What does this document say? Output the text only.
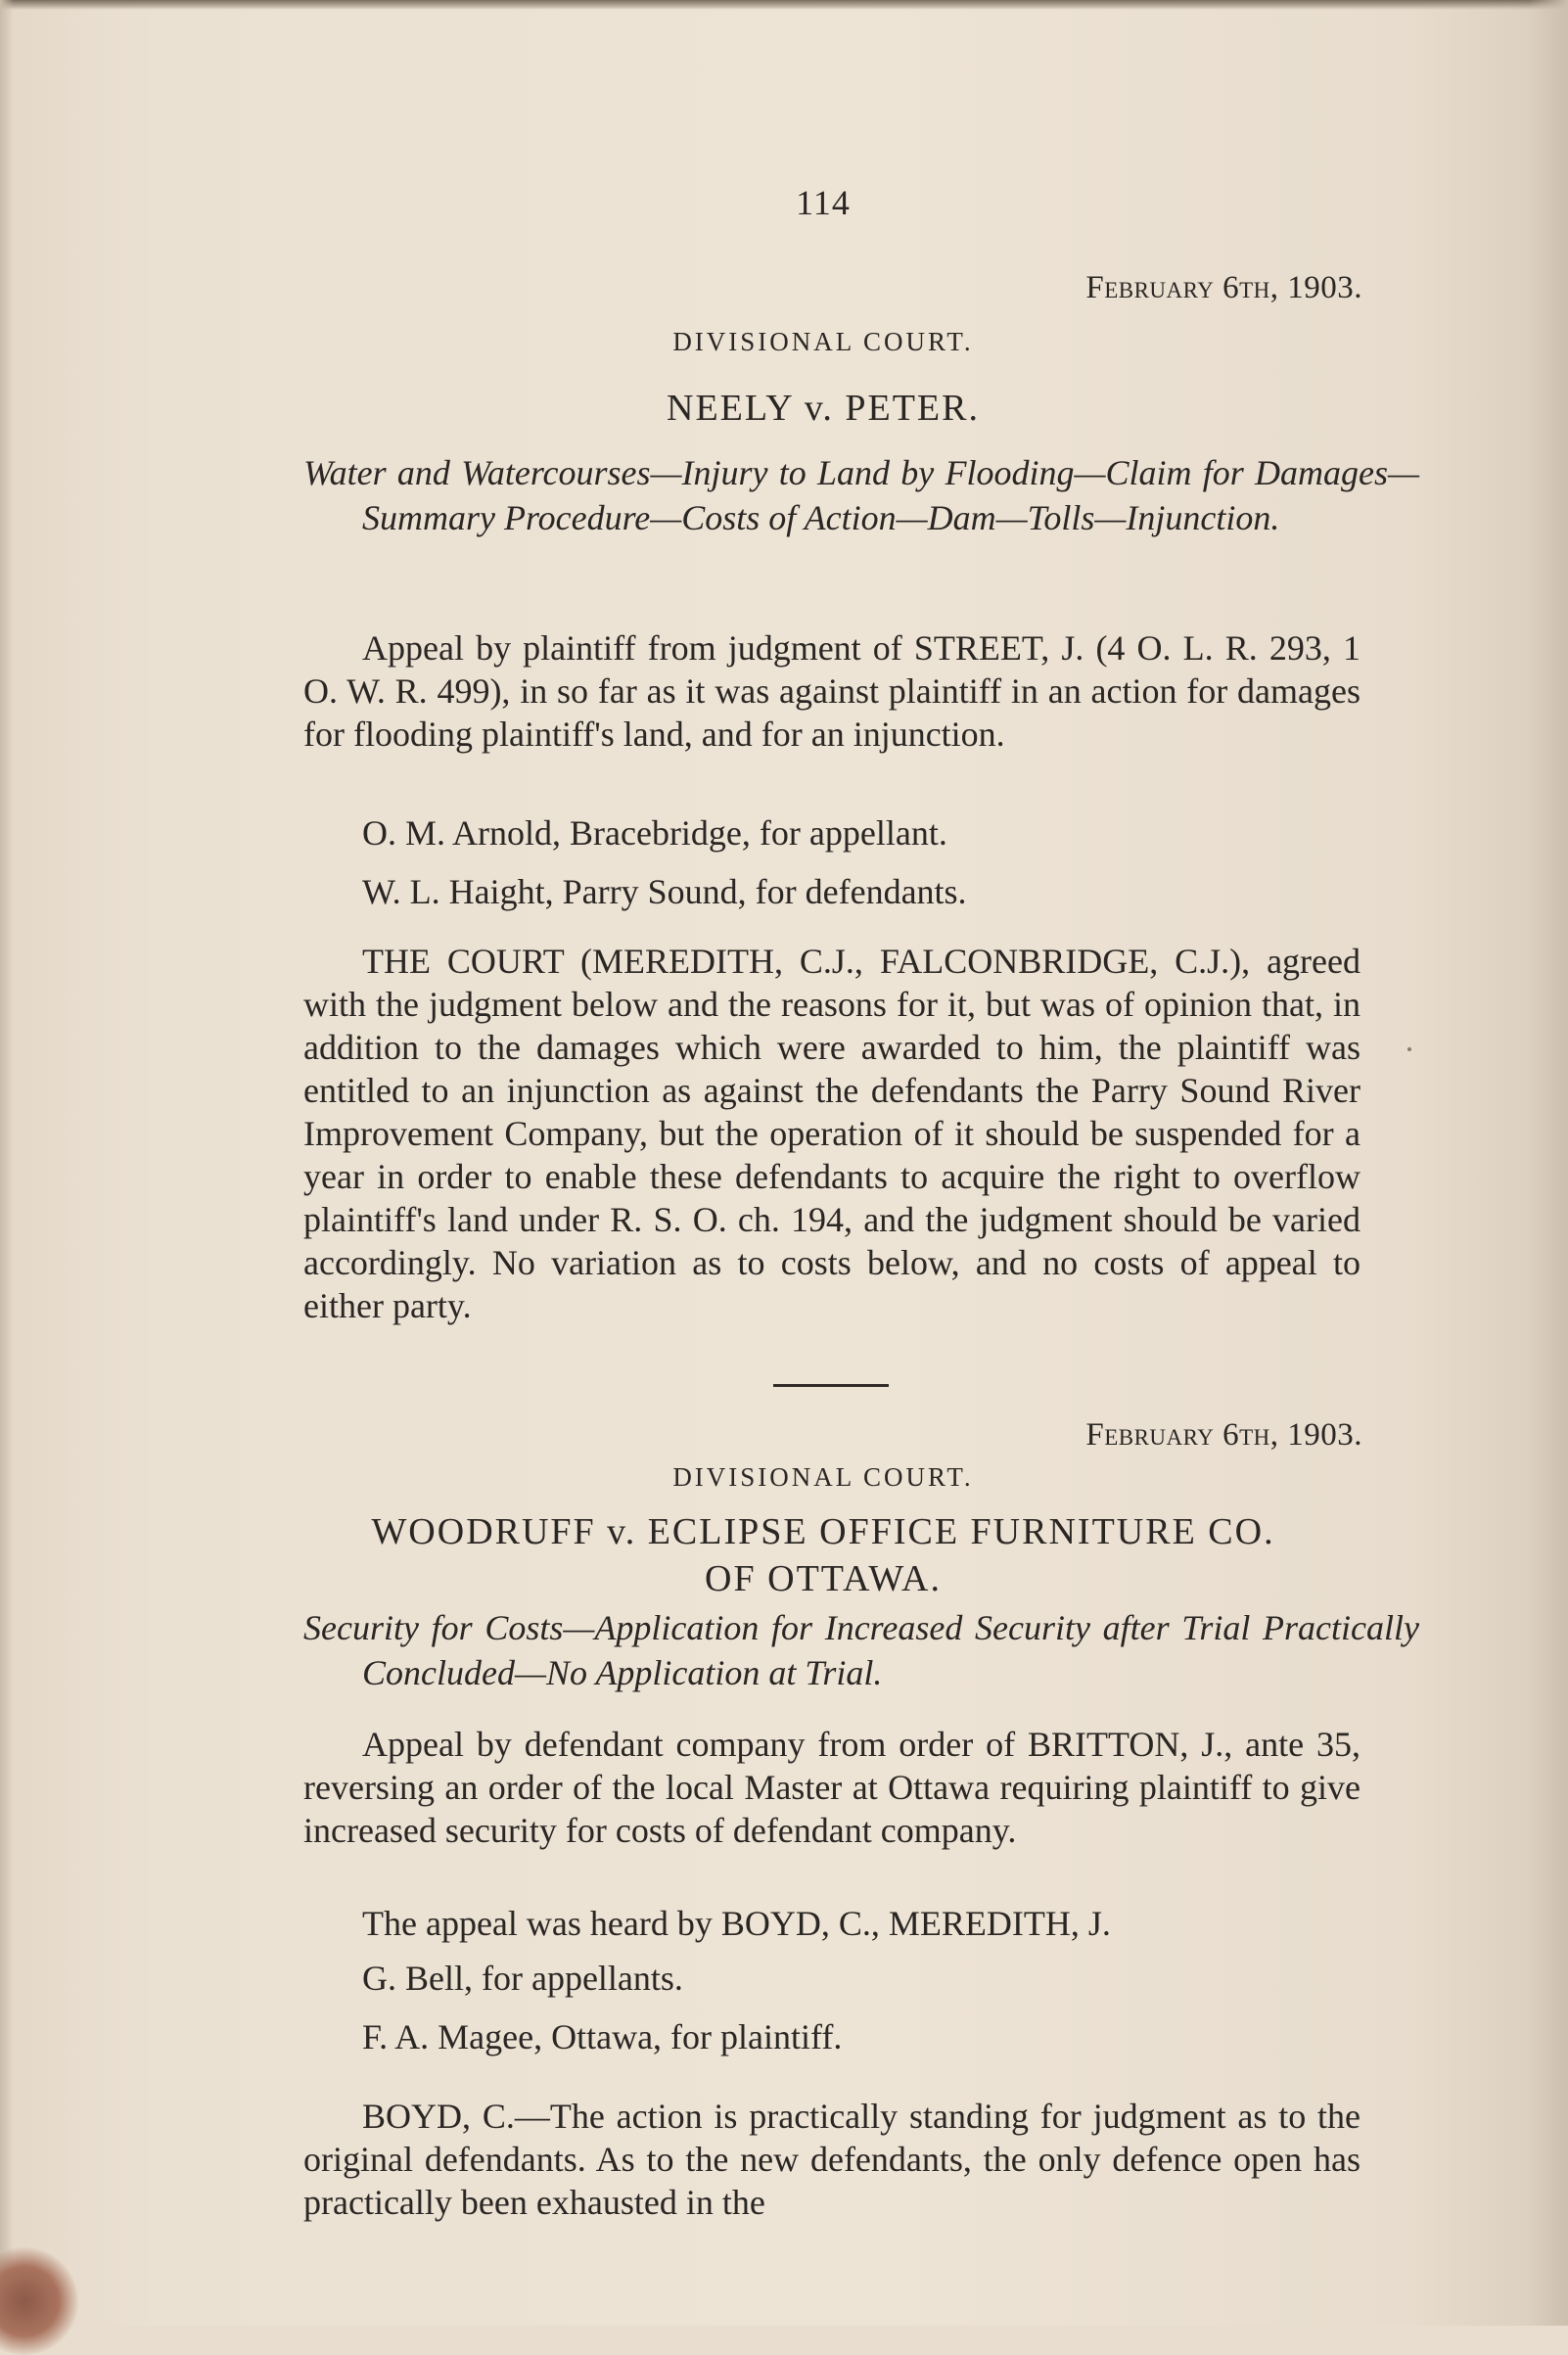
114
February 6th, 1903.
DIVISIONAL COURT.
NEELY v. PETER.
Water and Watercourses—Injury to Land by Flooding—Claim for Damages—Summary Procedure—Costs of Action—Dam—Tolls—Injunction.
Appeal by plaintiff from judgment of STREET, J. (4 O. L. R. 293, 1 O. W. R. 499), in so far as it was against plaintiff in an action for damages for flooding plaintiff's land, and for an injunction.
O. M. Arnold, Bracebridge, for appellant.
W. L. Haight, Parry Sound, for defendants.
THE COURT (MEREDITH, C.J., FALCONBRIDGE, C.J.), agreed with the judgment below and the reasons for it, but was of opinion that, in addition to the damages which were awarded to him, the plaintiff was entitled to an injunction as against the defendants the Parry Sound River Improvement Company, but the operation of it should be suspended for a year in order to enable these defendants to acquire the right to overflow plaintiff's land under R. S. O. ch. 194, and the judgment should be varied accordingly. No variation as to costs below, and no costs of appeal to either party.
February 6th, 1903.
DIVISIONAL COURT.
WOODRUFF v. ECLIPSE OFFICE FURNITURE CO.
OF OTTAWA.
Security for Costs—Application for Increased Security after Trial Practically Concluded—No Application at Trial.
Appeal by defendant company from order of BRITTON, J., ante 35, reversing an order of the local Master at Ottawa requiring plaintiff to give increased security for costs of defendant company.
The appeal was heard by BOYD, C., MEREDITH, J.
G. Bell, for appellants.
F. A. Magee, Ottawa, for plaintiff.
BOYD, C.—The action is practically standing for judgment as to the original defendants. As to the new defendants, the only defence open has practically been exhausted in the
